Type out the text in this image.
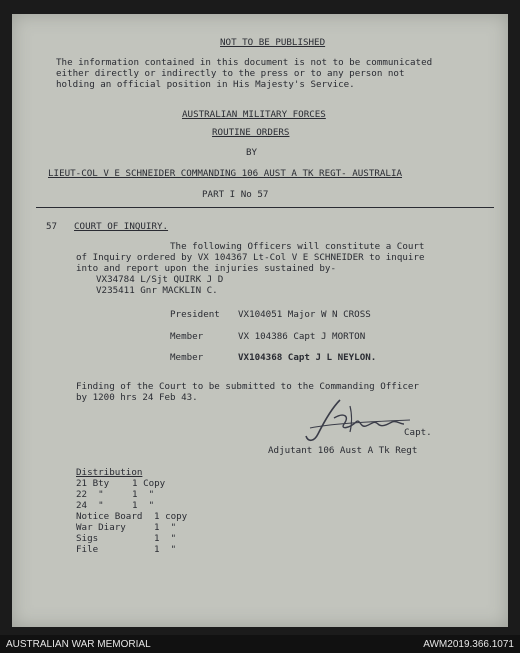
NOT TO BE PUBLISHED
The information contained in this document is not to be communicated
either directly or indirectly to the press or to any person not
holding an official position in His Majesty's Service.
AUSTRALIAN MILITARY FORCES
ROUTINE ORDERS
BY
LIEUT-COL V E SCHNEIDER COMMANDING 106 AUST A TK REGT- AUSTRALIA
PART I No 57
57 COURT OF INQUIRY.
The following Officers will constitute a Court
of Inquiry ordered by VX 104367 Lt-Col V E SCHNEIDER to inquire
into and report upon the injuries sustained by-
VX34784 L/Sjt QUIRK J D
V235411 Gnr MACKLIN C.
President VX104051 Major W N CROSS
Member	VX 104386 Capt J MORTON
Member	VX104368 Capt J L NEYLON.
Finding of the Court to be submitted to the Commanding Officer
by 1200 hrs 24 Feb 43.
Capt.
Adjutant 106 Aust A Tk Regt
Distribution
21 Bty 1 Copy
22  "	1  "
24  "	1  "
Notice Board 1 copy
War Diary	1  "
Sigs	1  "
File	1  "
AUSTRALIAN WAR MEMORIAL	AWM2019.366.1071
